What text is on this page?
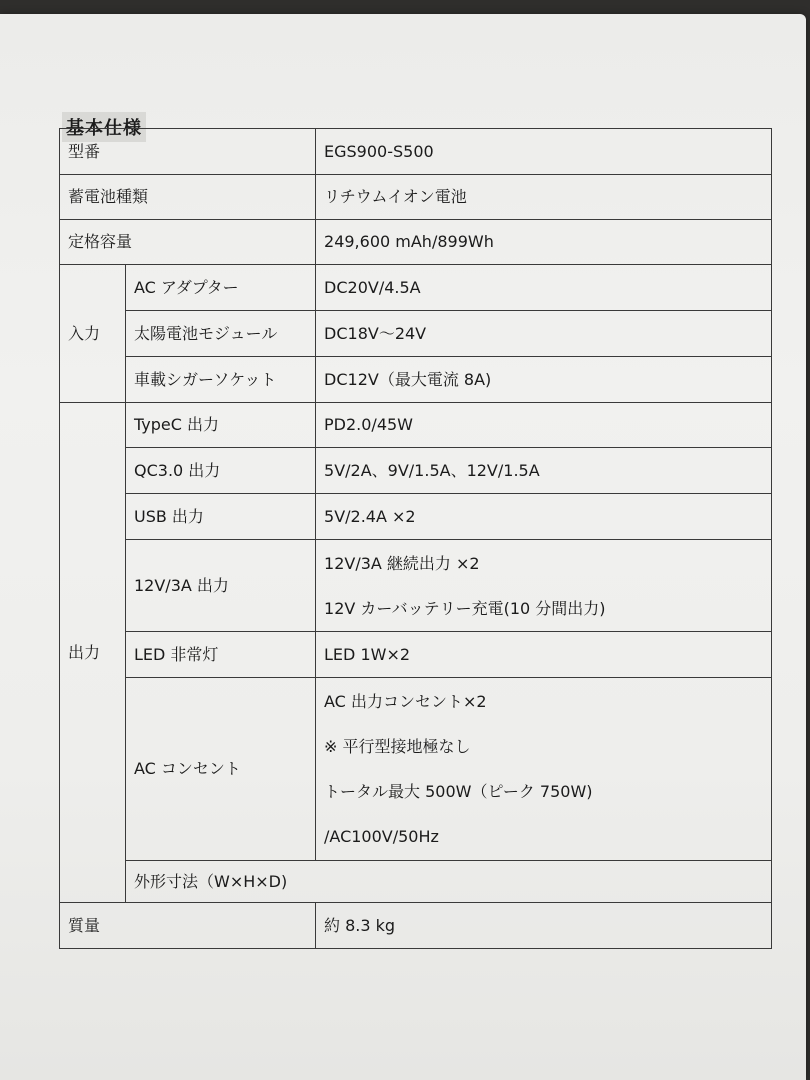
基本仕様
型番		EGS900-S500	
蓄電池種類		リチウムイオン電池	
定格容量		249,600 mAh/899Wh	
入力	AC アダプター	DC20V/4.5A	
	太陽電池モジュール	DC18V～24V	
	車載シガーソケット	DC12V（最大電流 8A)	
出力	TypeC 出力	PD2.0/45W	
	QC3.0 出力	5V/2A、9V/1.5A、12V/1.5A	
	USB 出力	5V/2.4A ×2	
	12V/3A 出力	12V/3A 継続出力 ×2
12V カーバッテリー充電(10 分間出力)	

	LED 非常灯	LED 1W×2	
	AC コンセント	AC 出力コンセント×2
※ 平行型接地極なし
トータル最大 500W（ピーク 750W)
/AC100V/50Hz	

	外形寸法（W×H×D)	
質量		約 8.3 kg	
